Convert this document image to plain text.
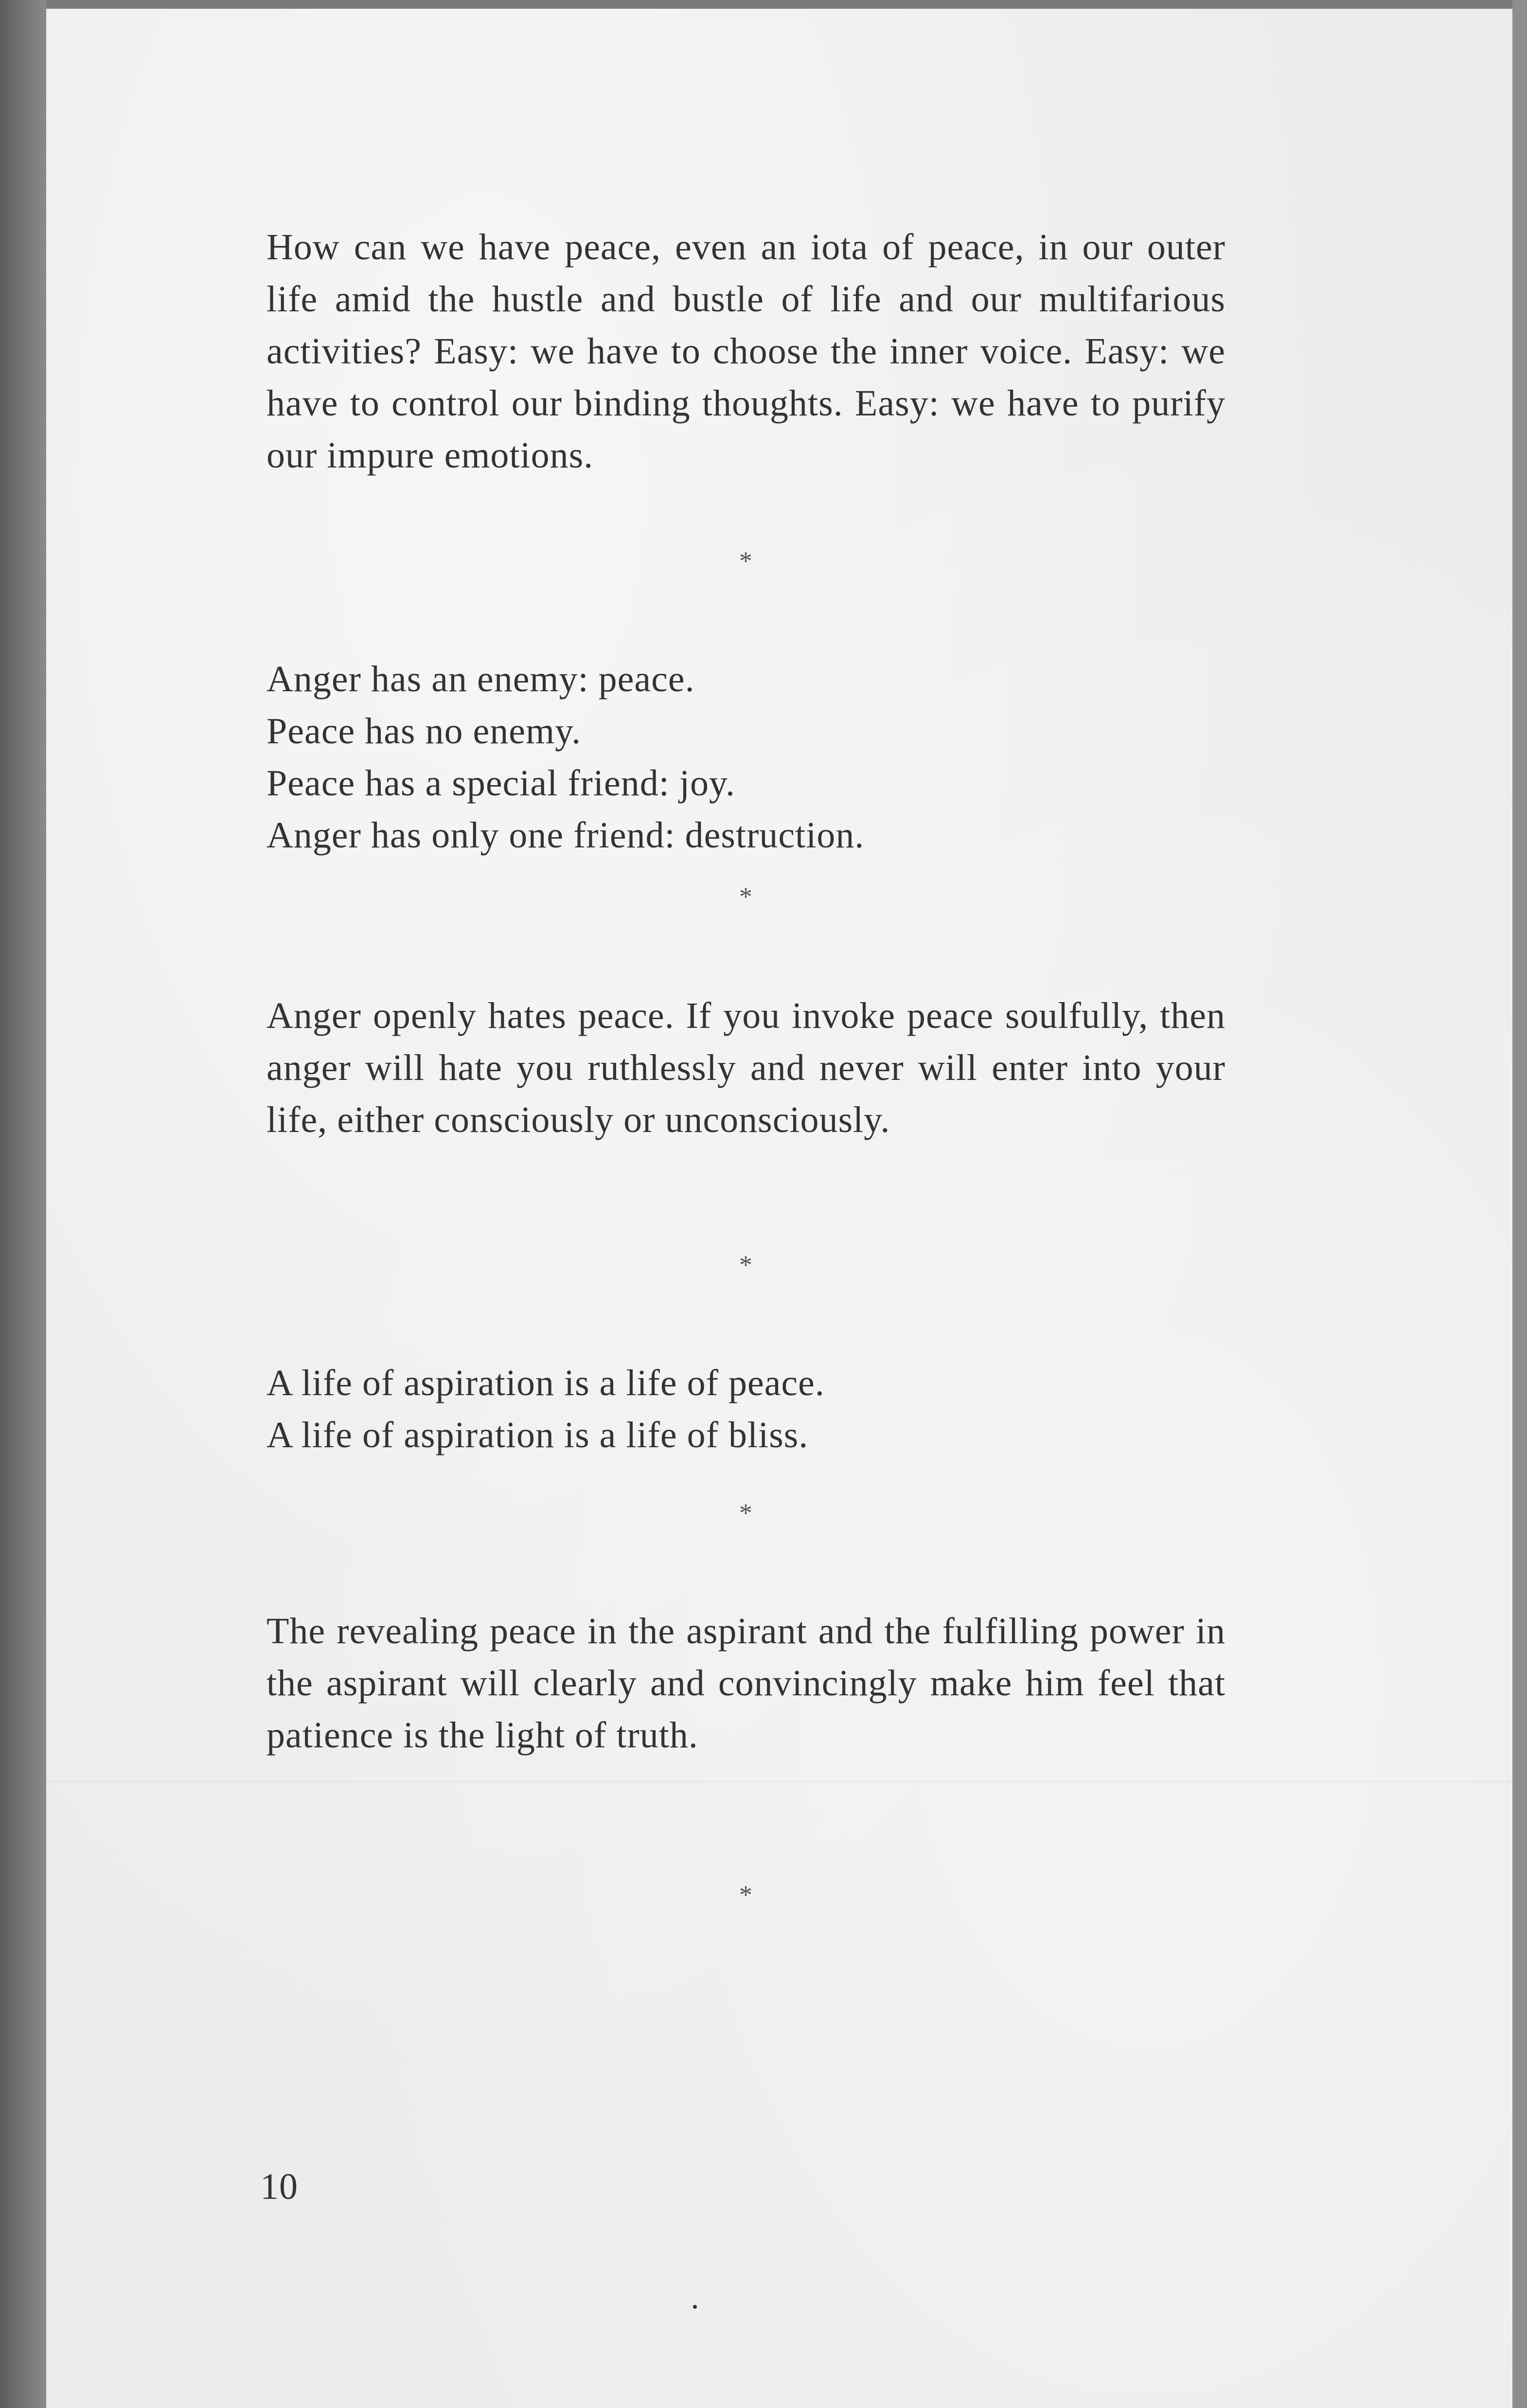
How can we have peace, even an iota of peace, in our outer life amid the hustle and bustle of life and our multifarious activities? Easy: we have to choose the inner voice. Easy: we have to control our binding thoughts. Easy: we have to purify our impure emotions.

*

Anger has an enemy: peace.

Peace has no enemy.

Peace has a special friend: joy.

Anger has only one friend: destruction.

*

Anger openly hates peace. If you invoke peace soulfully, then anger will hate you ruthlessly and never will enter into your life, either consciously or unconsciously.

*

A life of aspiration is a life of peace.

A life of aspiration is a life of bliss.

*

The revealing peace in the aspirant and the fulfilling power in the aspirant will clearly and convincingly make him feel that patience is the light of truth.

*
10
